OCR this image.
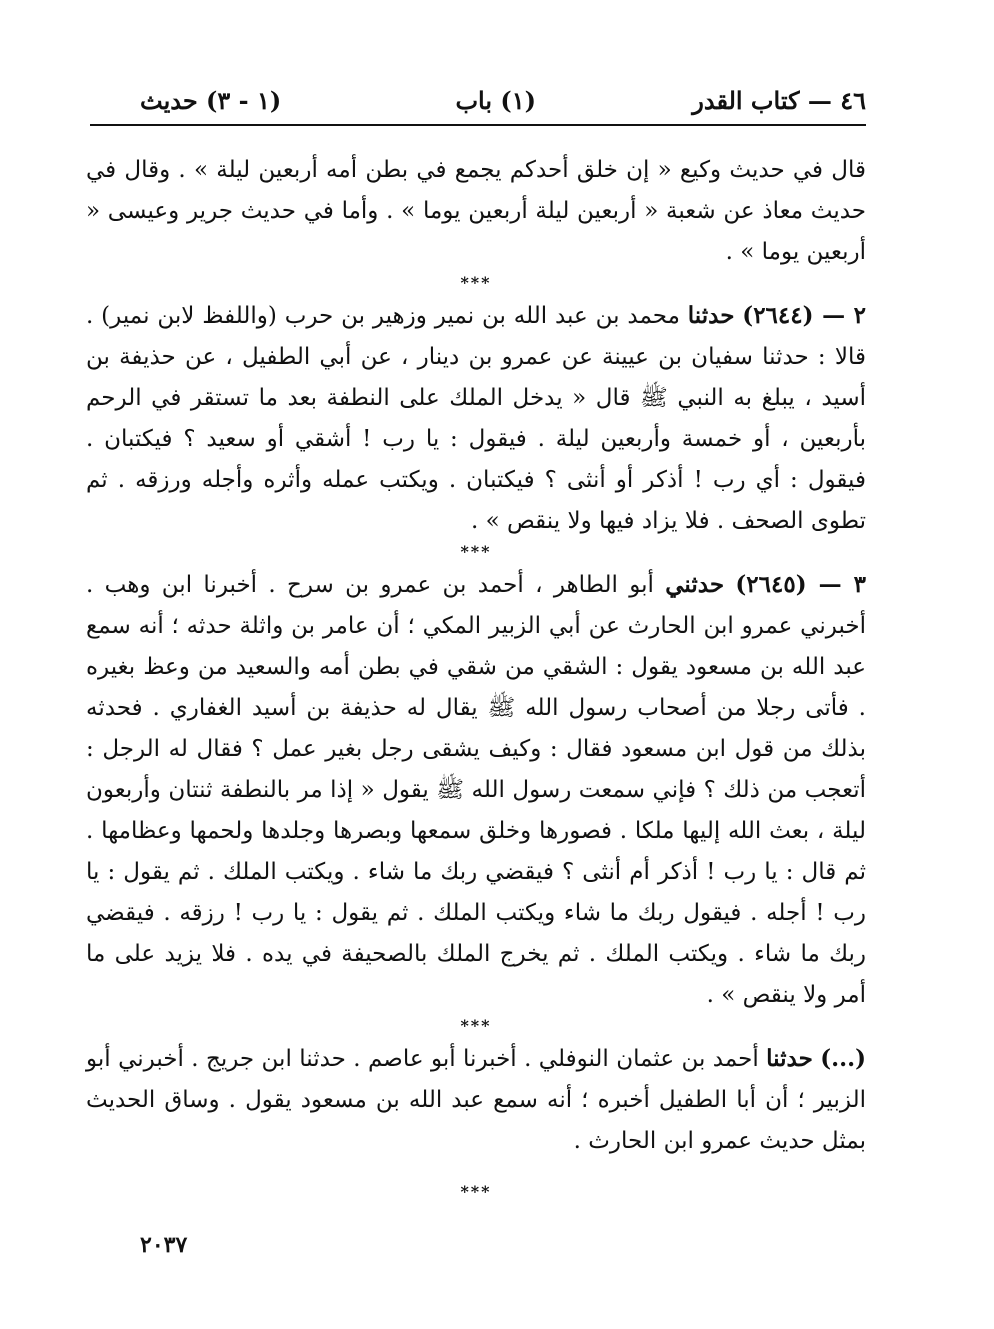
٤٦ — كتاب القدر
(١) باب
(١ - ٣) حديث

قال في حديث وكيع « إن خلق أحدكم يجمع في بطن أمه أربعين ليلة » . وقال في حديث معاذ عن شعبة « أربعين ليلة أربعين يوما » . وأما في حديث جرير وعيسى « أربعين يوما » .

***

٢ — (٢٦٤٤) حدثنا محمد بن عبد الله بن نمير وزهير بن حرب (واللفظ لابن نمير) . قالا : حدثنا سفيان بن عيينة عن عمرو بن دينار ، عن أبي الطفيل ، عن حذيفة بن أسيد ، يبلغ به النبي ﷺ قال « يدخل الملك على النطفة بعد ما تستقر في الرحم بأربعين ، أو خمسة وأربعين ليلة . فيقول : يا رب ! أشقي أو سعيد ؟ فيكتبان . فيقول : أي رب ! أذكر أو أنثى ؟ فيكتبان . ويكتب عمله وأثره وأجله ورزقه . ثم تطوى الصحف . فلا يزاد فيها ولا ينقص » .

***

٣ — (٢٦٤٥) حدثني أبو الطاهر ، أحمد بن عمرو بن سرح . أخبرنا ابن وهب . أخبرني عمرو ابن الحارث عن أبي الزبير المكي ؛ أن عامر بن واثلة حدثه ؛ أنه سمع عبد الله بن مسعود يقول : الشقي من شقي في بطن أمه والسعيد من وعظ بغيره . فأتى رجلا من أصحاب رسول الله ﷺ يقال له حذيفة بن أسيد الغفاري . فحدثه بذلك من قول ابن مسعود فقال : وكيف يشقى رجل بغير عمل ؟ فقال له الرجل : أتعجب من ذلك ؟ فإني سمعت رسول الله ﷺ يقول « إذا مر بالنطفة ثنتان وأربعون ليلة ، بعث الله إليها ملكا . فصورها وخلق سمعها وبصرها وجلدها ولحمها وعظامها . ثم قال : يا رب ! أذكر أم أنثى ؟ فيقضي ربك ما شاء . ويكتب الملك . ثم يقول : يا رب ! أجله . فيقول ربك ما شاء ويكتب الملك . ثم يقول : يا رب ! رزقه . فيقضي ربك ما شاء . ويكتب الملك . ثم يخرج الملك بالصحيفة في يده . فلا يزيد على ما أمر ولا ينقص » .

***

(...) حدثنا أحمد بن عثمان النوفلي . أخبرنا أبو عاصم . حدثنا ابن جريج . أخبرني أبو الزبير ؛ أن أبا الطفيل أخبره ؛ أنه سمع عبد الله بن مسعود يقول . وساق الحديث بمثل حديث عمرو ابن الحارث .

***

٢٠٣٧
